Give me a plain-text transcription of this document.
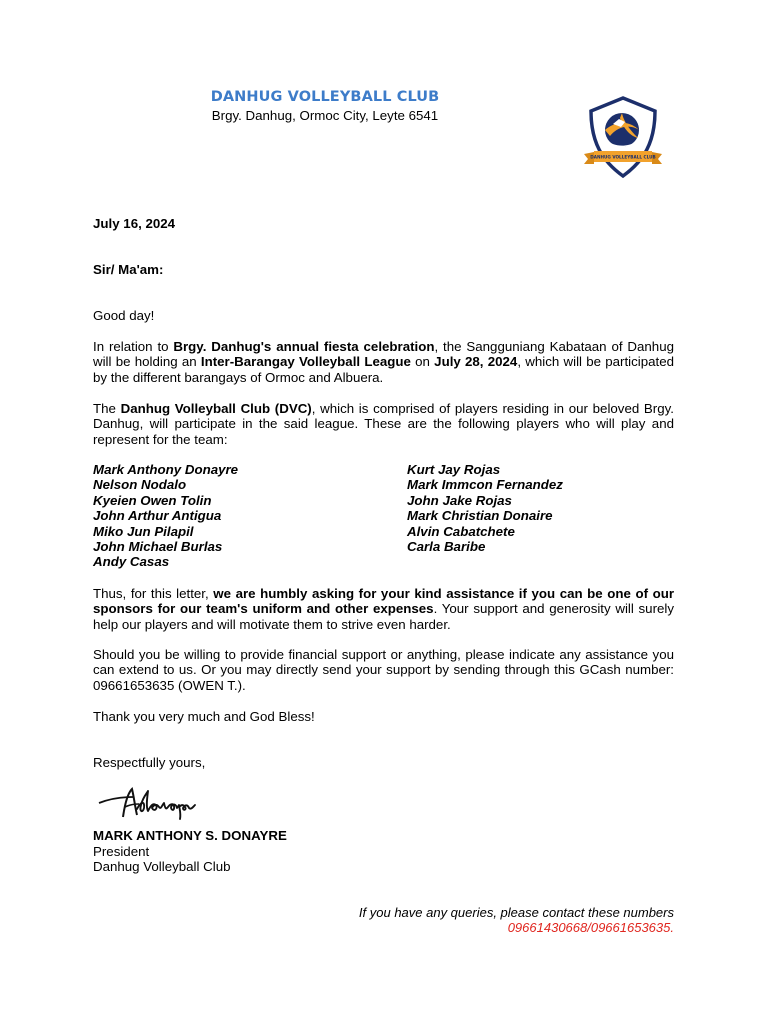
DANHUG VOLLEYBALL CLUB
Brgy. Danhug, Ormoc City, Leyte 6541
DANHUG VOLLEYBALL CLUB
July 16, 2024
Sir/ Ma'am:
Good day!
In relation to Brgy. Danhug's annual fiesta celebration, the Sangguniang Kabataan of Danhug will be holding an Inter-Barangay Volleyball League on July 28, 2024, which will be participated by the different barangays of Ormoc and Albuera.
The Danhug Volleyball Club (DVC), which is comprised of players residing in our beloved Brgy. Danhug, will participate in the said league. These are the following players who will play and represent for the team:
Mark Anthony Donayre
Nelson Nodalo
Kyeien Owen Tolin
John Arthur Antigua
Miko Jun Pilapil
John Michael Burlas
Andy Casas
Kurt Jay Rojas
Mark Immcon Fernandez
John Jake Rojas
Mark Christian Donaire
Alvin Cabatchete
Carla Baribe
Thus, for this letter, we are humbly asking for your kind assistance if you can be one of our sponsors for our team's uniform and other expenses. Your support and generosity will surely help our players and will motivate them to strive even harder.
Should you be willing to provide financial support or anything, please indicate any assistance you can extend to us. Or you may directly send your support by sending through this GCash number: 09661653635 (OWEN T.).
Thank you very much and God Bless!
Respectfully yours,
MARK ANTHONY S. DONAYRE
President
Danhug Volleyball Club
If you have any queries, please contact these numbers
09661430668/09661653635.
